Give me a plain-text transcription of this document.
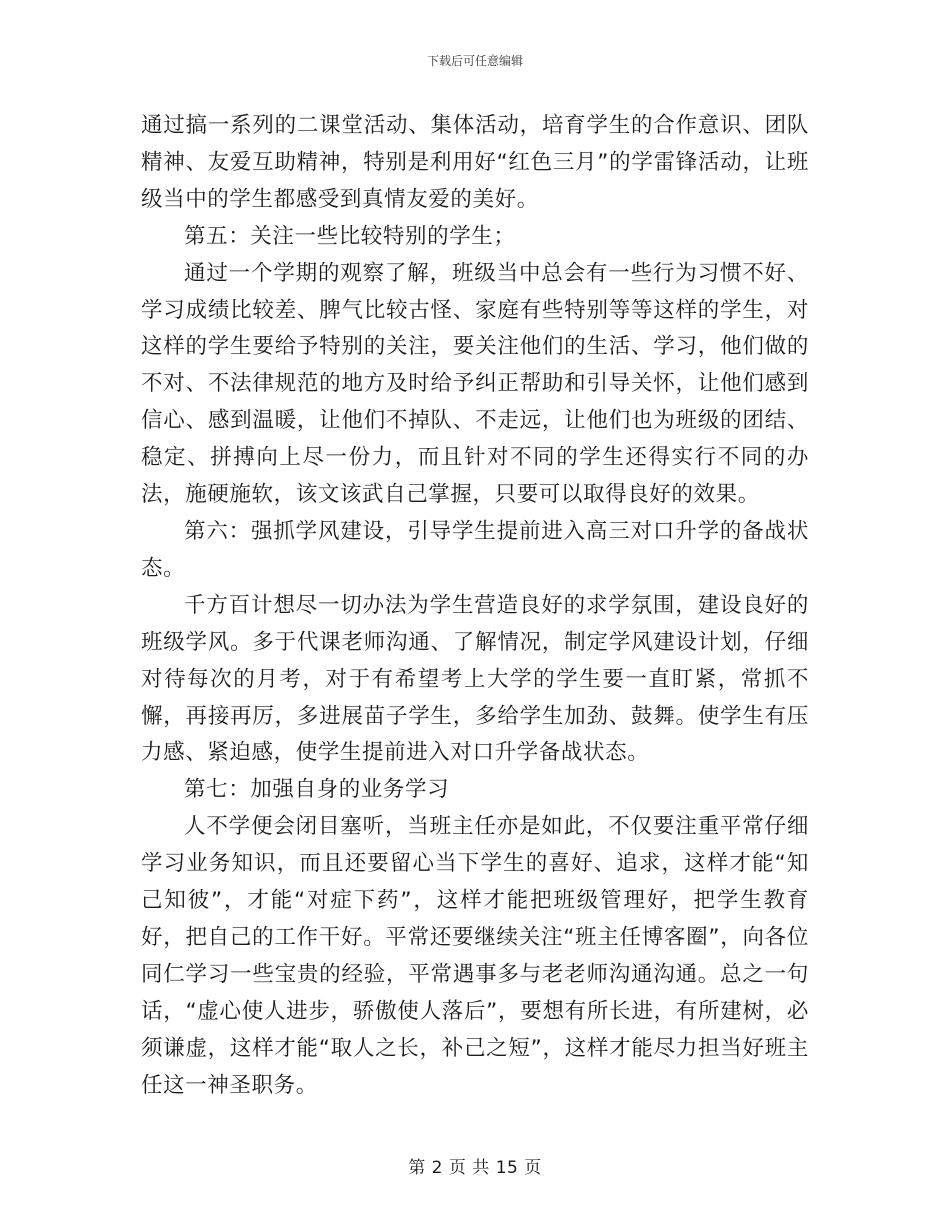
下载后可任意编辑

通过搞一系列的二课堂活动、集体活动，培育学生的合作意识、团队精神、友爱互助精神，特别是利用好“红色三月”的学雷锋活动，让班级当中的学生都感受到真情友爱的美好。

第五：关注一些比较特别的学生；

通过一个学期的观察了解，班级当中总会有一些行为习惯不好、学习成绩比较差、脾气比较古怪、家庭有些特别等等这样的学生，对这样的学生要给予特别的关注，要关注他们的生活、学习，他们做的不对、不法律规范的地方及时给予纠正帮助和引导关怀，让他们感到信心、感到温暖，让他们不掉队、不走远，让他们也为班级的团结、稳定、拼搏向上尽一份力，而且针对不同的学生还得实行不同的办法，施硬施软，该文该武自己掌握，只要可以取得良好的效果。

第六：强抓学风建设，引导学生提前进入高三对口升学的备战状态。

千方百计想尽一切办法为学生营造良好的求学氛围，建设良好的班级学风。多于代课老师沟通、了解情况，制定学风建设计划，仔细对待每次的月考，对于有希望考上大学的学生要一直盯紧，常抓不懈，再接再厉，多进展苗子学生，多给学生加劲、鼓舞。使学生有压力感、紧迫感，使学生提前进入对口升学备战状态。

第七：加强自身的业务学习

人不学便会闭目塞听，当班主任亦是如此，不仅要注重平常仔细学习业务知识，而且还要留心当下学生的喜好、追求，这样才能“知己知彼”，才能“对症下药”，这样才能把班级管理好，把学生教育好，把自己的工作干好。平常还要继续关注“班主任博客圈”，向各位同仁学习一些宝贵的经验，平常遇事多与老老师沟通沟通。总之一句话，“虚心使人进步，骄傲使人落后”，要想有所长进，有所建树，必须谦虚，这样才能“取人之长，补己之短”，这样才能尽力担当好班主任这一神圣职务。

第 2 页 共 15 页
